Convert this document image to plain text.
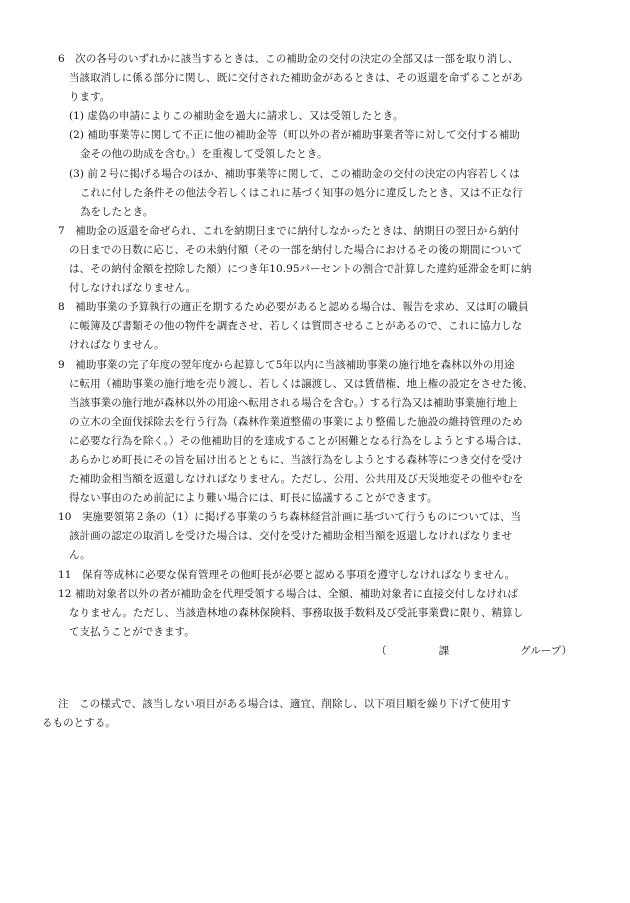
6　次の各号のいずれかに該当するときは、この補助金の交付の決定の全部又は一部を取り消し、
当該取消しに係る部分に関し、既に交付された補助金があるときは、その返還を命ずることがあ
ります。
(1) 虚偽の申請によりこの補助金を過大に請求し、又は受領したとき。
(2) 補助事業等に関して不正に他の補助金等（町以外の者が補助事業者等に対して交付する補助
金その他の助成を含む。）を重複して受領したとき。
(3) 前２号に掲げる場合のほか、補助事業等に関して、この補助金の交付の決定の内容若しくは
これに付した条件その他法令若しくはこれに基づく知事の処分に違反したとき、又は不正な行
為をしたとき。
7　補助金の返還を命ぜられ、これを納期日までに納付しなかったときは、納期日の翌日から納付
の日までの日数に応じ、その未納付額（その一部を納付した場合におけるその後の期間について
は、その納付金額を控除した額）につき年10.95パーセントの割合で計算した違約延滞金を町に納
付しなければなりません。
8　補助事業の予算執行の適正を期するため必要があると認める場合は、報告を求め、又は町の職員
に帳簿及び書類その他の物件を調査させ、若しくは質問させることがあるので、これに協力しな
ければなりません。
9　補助事業の完了年度の翌年度から起算して5年以内に当該補助事業の施行地を森林以外の用途
に転用（補助事業の施行地を売り渡し、若しくは譲渡し、又は賃借権、地上権の設定をさせた後、
当該事業の施行地が森林以外の用途へ転用される場合を含む。）する行為又は補助事業施行地上
の立木の全面伐採除去を行う行為（森林作業道整備の事業により整備した施設の維持管理のため
に必要な行為を除く。）その他補助目的を達成することが困難となる行為をしようとする場合は、
あらかじめ町長にその旨を届け出るとともに、当該行為をしようとする森林等につき交付を受け
た補助金相当額を返還しなければなりません。ただし、公用、公共用及び天災地変その他やむを
得ない事由のため前記により難い場合には、町長に協議することができます。
10　実施要領第２条の（1）に掲げる事業のうち森林経営計画に基づいて行うものについては、当
該計画の認定の取消しを受けた場合は、交付を受けた補助金相当額を返還しなければなりませ
ん。
11　保育等成林に必要な保育管理その他町長が必要と認める事項を遵守しなければなりません。
12 補助対象者以外の者が補助金を代理受領する場合は、全額、補助対象者に直接交付しなければ
なりません。ただし、当該造林地の森林保険料、事務取扱手数料及び受託事業費に限り、精算し
て支払うことができます。
（	課	グループ）
注　この様式で、該当しない項目がある場合は、適宜、削除し、以下項目順を繰り下げて使用す
るものとする。
